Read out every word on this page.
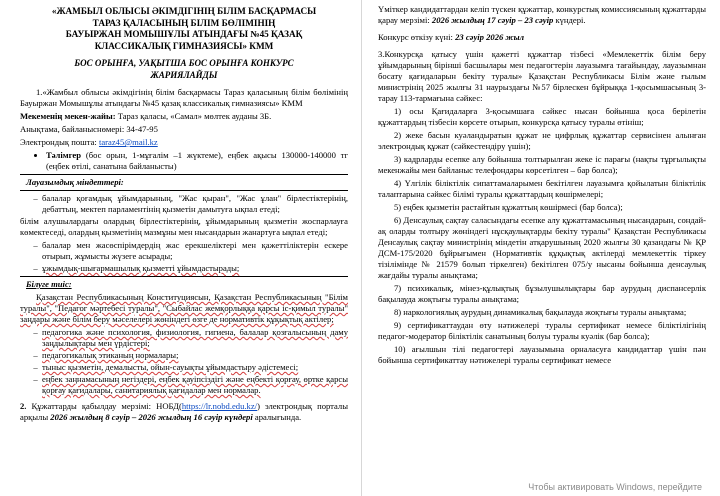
«ЖАМБЫЛ ОБЛЫСЫ ӘКІМДІГІНІҢ БІЛІМ БАСҚАРМАСЫ
ТАРАЗ ҚАЛАСЫНЫҢ БІЛІМ БӨЛІМІНІҢ
БАУЫРЖАН МОМЫШҰЛЫ АТЫНДАҒЫ №45 ҚАЗАҚ
КЛАССИКАЛЫҚ ГИМНАЗИЯСЫ» КММ
БОС ОРЫНҒА, УАҚЫТША БОС ОРЫНҒА КОНКУРС
ЖАРИЯЛАЙДЫ

1.«Жамбыл облысы әкімдігінің білім басқармасы Тараз қаласының білім бөлімінің Бауыржан Момышұлы атындағы №45 қазақ классикалық гимназиясы» КММ

Мекеменің мекен-жайы: Тараз қаласы, «Самал» мөлтек ауданы 3Б.

Анықтама, байланыснөмері: 34-47-95

Электрондық пошта: taraz45@mail.kz

• Тәлімгер (бос орын, 1-мұғалім –1 жүктеме), еңбек ақысы 130000-140000 тг (еңбек өтілі, санатына байланысты)

Лауазымдық міндеттері:

– балалар қоғамдық ұйымдарының, "Жас қыран", "Жас ұлан" бірлестіктерінің, дебаттың, мектеп парламентінің қызметін дамытуға ықпал етеді;

білім алушылардағы олардың бірлестіктерінің, ұйымдарының қызметін жоспарлауға көмектеседі, олардың қызметінің мазмұны мен нысандарын жанартуға ықпал етеді;

– балалар мен жасөспірімдердің жас ерекшеліктері мен қажеттіліктерін ескере отырып, жұмысты жүзеге асырады;
– ұжымдық-шығармашылық қызметті ұйымдастырады;

Білуге тиіс:

Қазақстан Республикасының Конституциясын, Қазақстан Республикасының "Білім туралы", "Педагог мәртебесі туралы", "Сыбайлас жемқорлыққа қарсы іс-қимыл туралы" заңдары және білім беру мәселелері жөніндегі өзге де нормативтік құқықтық актілер;

– педагогика және психология, физиология, гигиена, балалар қозғалысының даму заңдылықтары мен үрдістері;
– педагогикалық этиканың нормалары;
– тыныс қызметін, демалысты, ойын-сауықты ұйымдастыру әдістемесі;
– еңбек заңнамасының негіздері, еңбек қауіпсіздігі және еңбекті қорғау, өртке қарсы қорғау қағидалары, санитариялық қағидалар мен нормалар.

2. Құжаттарды қабылдау мерзімі: НОБД(https://lr.nobd.edu.kz/) электрондық порталы арқылы 2026 жылдың 8 сәуір – 2026 жылдың 16 сәуір күндері аралығында.

Үміткер кандидаттардан келіп түскен құжаттар, конкурстық комиссиясының құжаттарды қарау мерзімі: 2026 жылдың 17 сәуір – 23 сәуір күндері.

Конкурс өткізу күні: 23 сәуір 2026 жыл

3.Конкурсқа қатысу үшін қажетті құжаттар тізбесі «Мемлекеттік білім беру ұйымдарының бірінші басшылары мен педагогтерін лауазымға тағайындау, лауазымнан босату қағидаларын бекіту туралы» Қазақстан Республикасы Білім және ғылым министрінің 2025 жылғы 31 наурыздағы №57 бірлескен бұйрыққа 1-қосымшасының 3-тарау 113-тармағына сәйкес:

1) осы Қағидаларға 3-қосымшаға сәйкес нысан бойынша қоса берілетін құжаттардың тізбесін көрсете отырып, конкурсқа қатысу туралы өтініш;

2) жеке басын куәландыратын құжат не цифрлық құжаттар сервисінен алынған электрондық құжат (сәйкестендіру үшін);

3) кадрларды есепке алу бойынша толтырылған жеке іс парағы (нақты тұрғылықты мекенжайы мен байланыс телефондары көрсетілген – бар болса);

4) Үлгілік біліктілік сипаттамаларымен бекітілген лауазымға қойылатын біліктілік талаптарына сәйкес білімі туралы құжаттардың көшірмелері;

5) еңбек қызметін растайтын құжаттың көшірмесі (бар болса);

6) Денсаулық сақтау саласындағы есепке алу құжаттамасының нысандарын, сондай-ақ оларды толтыру жөніндегі нұсқаулықтарды бекіту туралы" Қазақстан Республикасы Денсаулық сақтау министрінің міндетін атқарушының 2020 жылғы 30 қазандағы № ҚР ДСМ-175/2020 бұйрығымен (Нормативтік құқықтық актілерді мемлекеттік тіркеу тізілімінде № 21579 болып тіркелген) бекітілген 075/у нысаны бойынша денсаулық жағдайы туралы анықтама;

7) психикалық, мінез-құлықтық бұзылушылықтары бар аурудың диспансерлік бақылауда жоқтығы туралы анықтама;

8) наркологиялық аурудың динамикалық бақылауда жоқтығы туралы анықтама;

9) сертификаттаудан өту нәтижелері туралы сертификат немесе біліктілігінің педагог-модератор біліктілік санатының болуы туралы куәлік (бар болса);

10) ағылшын тілі педагогтері лауазымына орналасуға кандидаттар үшін пән бойынша сертификаттау нәтижелері туралы сертификат немесе

Чтобы активировать Windows, перейдите
